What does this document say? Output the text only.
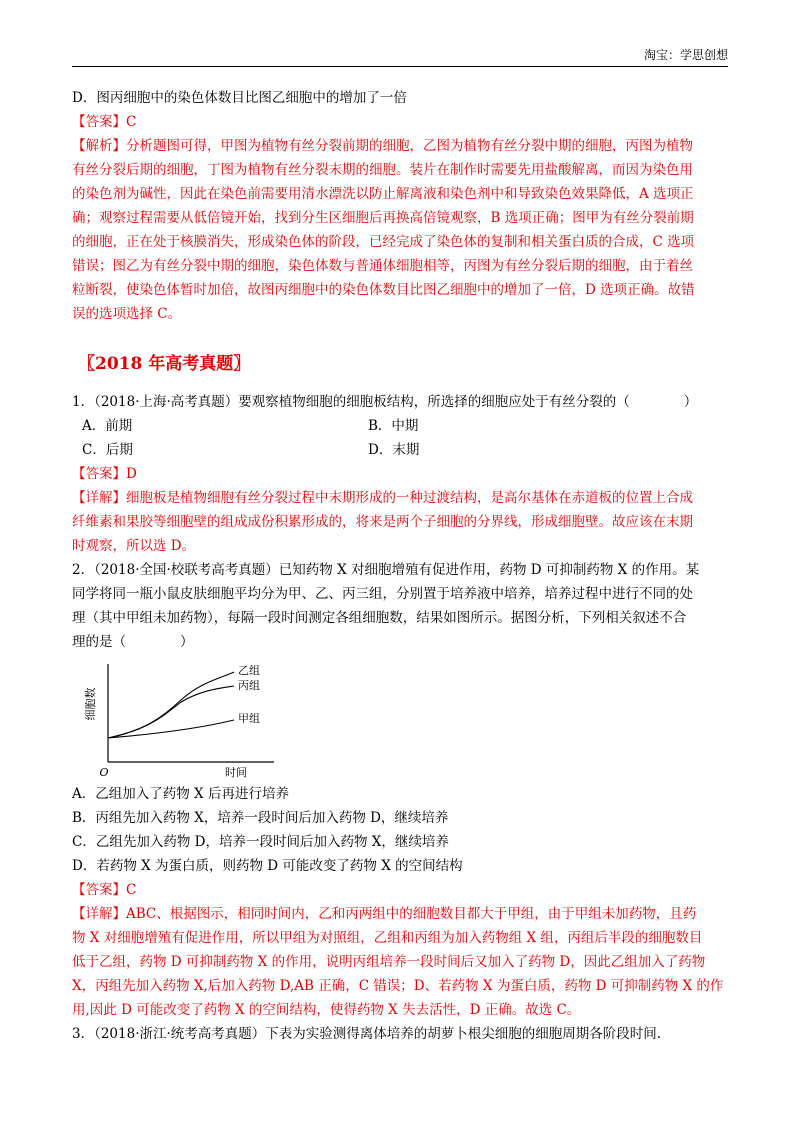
淘宝：学思创想
D．图丙细胞中的染色体数目比图乙细胞中的增加了一倍
【答案】C
【解析】分析题图可得，甲图为植物有丝分裂前期的细胞，乙图为植物有丝分裂中期的细胞，丙图为植物
有丝分裂后期的细胞，丁图为植物有丝分裂末期的细胞。装片在制作时需要先用盐酸解离，而因为染色用
的染色剂为碱性，因此在染色前需要用清水漂洗以防止解离液和染色剂中和导致染色效果降低，A 选项正
确；观察过程需要从低倍镜开始，找到分生区细胞后再换高倍镜观察，B 选项正确；图甲为有丝分裂前期
的细胞，正在处于核膜消失，形成染色体的阶段，已经完成了染色体的复制和相关蛋白质的合成，C 选项
错误；图乙为有丝分裂中期的细胞，染色体数与普通体细胞相等，丙图为有丝分裂后期的细胞，由于着丝
粒断裂，使染色体暂时加倍，故图丙细胞中的染色体数目比图乙细胞中的增加了一倍，D 选项正确。故错
误的选项选择 C。
〖2018 年高考真题〗
1．（2018·上海·高考真题）要观察植物细胞的细胞板结构，所选择的细胞应处于有丝分裂的（　　　　）
A．前期	B．中期
C．后期	D．末期
【答案】D
【详解】细胞板是植物细胞有丝分裂过程中末期形成的一种过渡结构，是高尔基体在赤道板的位置上合成
纤维素和果胶等细胞壁的组成成份积累形成的，将来是两个子细胞的分界线，形成细胞壁。故应该在末期
时观察，所以选 D。
2．（2018·全国·校联考高考真题）已知药物 X 对细胞增殖有促进作用，药物 D 可抑制药物 X 的作用。某
同学将同一瓶小鼠皮肤细胞平均分为甲、乙、丙三组，分别置于培养液中培养，培养过程中进行不同的处
理（其中甲组未加药物），每隔一段时间测定各组细胞数，结果如图所示。据图分析，下列相关叙述不合
理的是（　　　　）
细胞数
O	时间
乙组
丙组
甲组
A．乙组加入了药物 X 后再进行培养
B．丙组先加入药物 X，培养一段时间后加入药物 D，继续培养
C．乙组先加入药物 D，培养一段时间后加入药物 X，继续培养
D．若药物 X 为蛋白质，则药物 D 可能改变了药物 X 的空间结构
【答案】C
【详解】ABC、根据图示，相同时间内，乙和丙两组中的细胞数目都大于甲组，由于甲组未加药物，且药
物 X 对细胞增殖有促进作用，所以甲组为对照组，乙组和丙组为加入药物组 X 组，丙组后半段的细胞数目
低于乙组，药物 D 可抑制药物 X 的作用，说明丙组培养一段时间后又加入了药物 D，因此乙组加入了药物
X，丙组先加入药物 X,后加入药物 D,AB 正确，C 错误；D、若药物 X 为蛋白质，药物 D 可抑制药物 X 的作
用,因此 D 可能改变了药物 X 的空间结构，使得药物 X 失去活性，D 正确。故选 C。
3．（2018·浙江·统考高考真题）下表为实验测得离体培养的胡萝卜根尖细胞的细胞周期各阶段时间.
